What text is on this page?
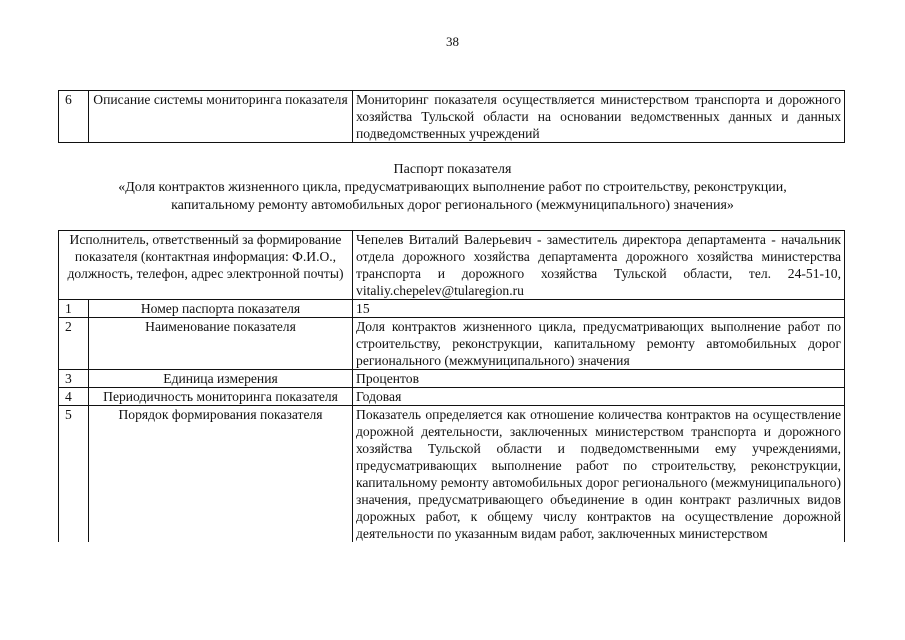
38
6	Описание системы мониторинга показателя	Мониторинг показателя осуществляется министерством транспорта и дорожного хозяйства Тульской области на основании ведомственных данных и данных подведомственных учреждений
Паспорт показателя
«Доля контрактов жизненного цикла, предусматривающих выполнение работ по строительству, реконструкции,
капитальному ремонту автомобильных дорог регионального (межмуниципального) значения»
Исполнитель, ответственный за формирование показателя (контактная информация: Ф.И.О., должность, телефон, адрес электронной почты)		Чепелев Виталий Валерьевич - заместитель директора департамента - начальник отдела дорожного хозяйства департамента дорожного хозяйства министерства транспорта и дорожного хозяйства Тульской области, тел. 24-51-10, vitaliy.chepelev@tularegion.ru
1	Номер паспорта показателя	15
2	Наименование показателя	Доля контрактов жизненного цикла, предусматривающих выполнение работ по строительству, реконструкции, капитальному ремонту автомобильных дорог регионального (межмуниципального) значения
3	Единица измерения	Процентов
4	Периодичность мониторинга показателя	Годовая
5	Порядок формирования показателя	Показатель определяется как отношение количества контрактов на осуществление дорожной деятельности, заключенных министерством транспорта и дорожного хозяйства Тульской области и подведомственными ему учреждениями, предусматривающих выполнение работ по строительству, реконструкции, капитальному ремонту автомобильных дорог регионального (межмуниципального) значения, предусматривающего объединение в один контракт различных видов дорожных работ, к общему числу контрактов на осуществление дорожной деятельности по указанным видам работ, заключенных министерством
